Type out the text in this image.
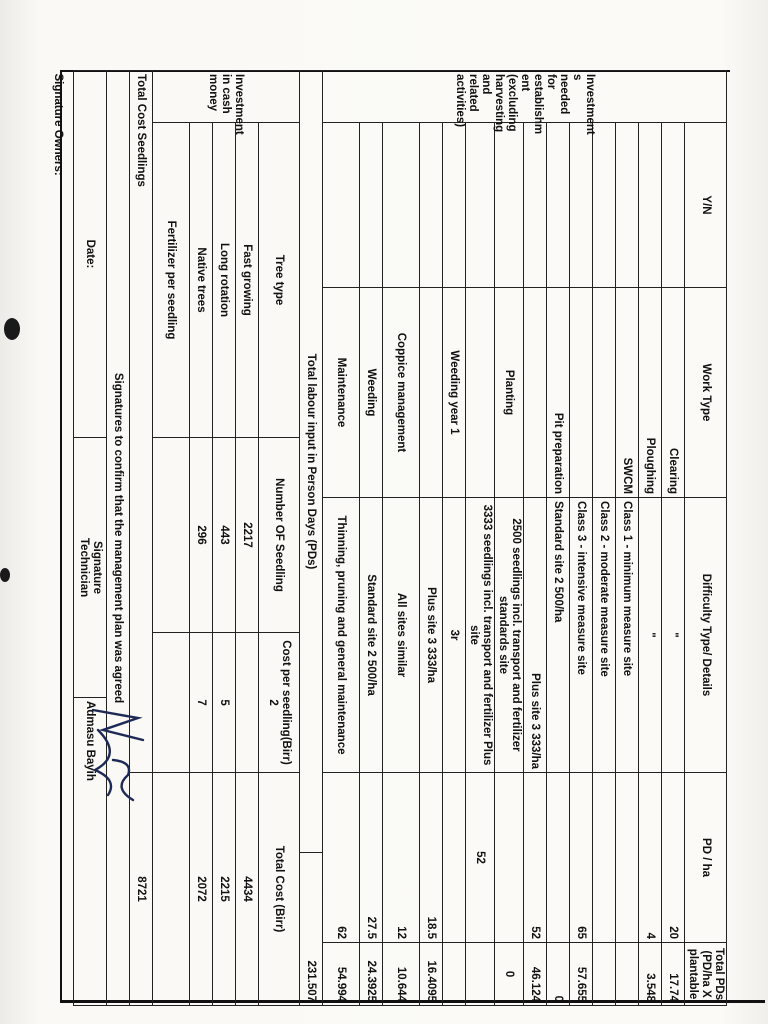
Investment s needed for establishm ent (excluding harvesting and related activities)	Y/N	Work Type		Difficulty Type/ Details			PD / ha		Total PDs (PD/ha X plantable
		Clearing		"			20		17.74
		Ploughing		"			4		3.548
		SWCM		Class 1 - minimum measure site					
				Class 2 - moderate measure site					
				Class 3 - intensive measure site			65		57.655
		Pit preparation		Standard site 2 500/ha					0
				Plus site 3 333/ha			52		46.124
		Planting		2500 seedlings incl. transport and fertilizer standards site					0
				3333 seedlings incl. transport and fertilizer Plus site			52		
		Weeding year 1		3r					
				Plus site 3 333/ha			18.5		16.4095
		Coppice management		All sites similar			12		10.644
		Weeding		Standard site 2 500/ha			27.5		24.3925
		Maintenance		Thinning, pruning and general maintenance			62		54.994
Total labour input in Person Days (PDs)								231.507	
Investment in cash money	Tree type		Number OF Seedling		Cost per seedling(Birr) 2		Total Cost (Birr)		
	Fast growing		2217				4434		
	Long rotation		443		5		2215		
	Native trees		296		7		2072		
	Fertilizer per seedling								
Total Cost Seedlings							8721		
Signatures to confirm that the management plan was agreed									
Date:			Signature
Technician			Admasu Bayih			
Signature Owners:									
